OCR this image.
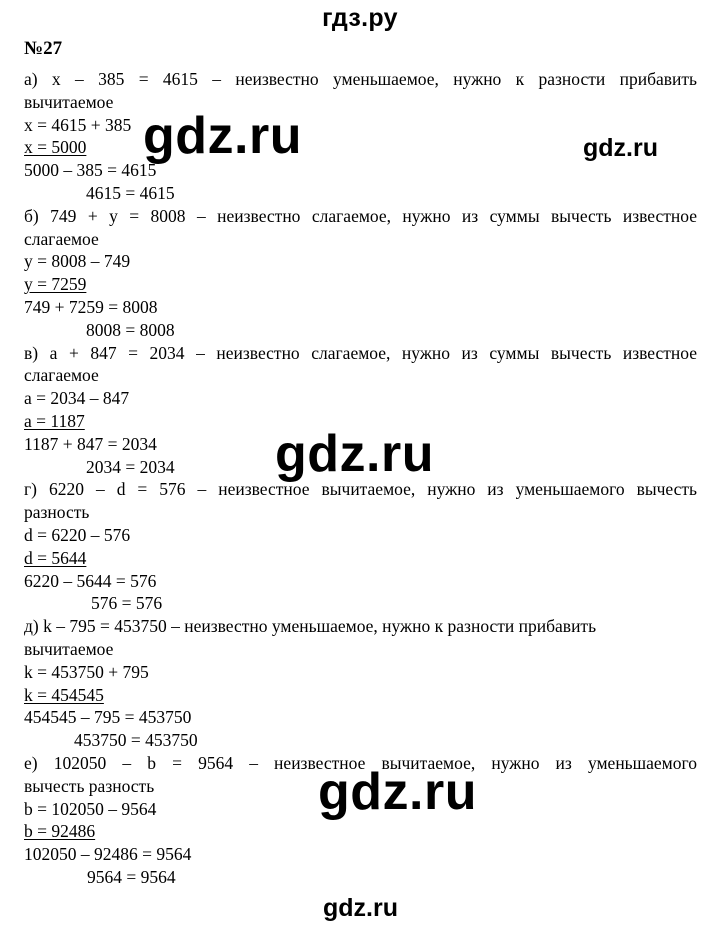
гдз.ру
№27
а) x – 385 = 4615 – неизвестно уменьшаемое, нужно к разности прибавить
вычитаемое
x = 4615 + 385
x = 5000
5000 – 385 = 4615
4615 = 4615
б) 749 + y = 8008 – неизвестно слагаемое, нужно из суммы вычесть известное
слагаемое
y = 8008 – 749
y = 7259
749 + 7259 = 8008
8008 = 8008
в) a + 847 = 2034 – неизвестно слагаемое, нужно из суммы вычесть известное
слагаемое
a = 2034 – 847
a = 1187
1187 + 847 = 2034
2034 = 2034
г) 6220 – d = 576 – неизвестное вычитаемое, нужно из уменьшаемого вычесть
разность
d = 6220 – 576
d = 5644
6220 – 5644 = 576
576 = 576
д) k – 795 = 453750 – неизвестно уменьшаемое, нужно к разности прибавить
вычитаемое
k = 453750 + 795
k = 454545
454545 – 795 = 453750
453750 = 453750
е) 102050 – b = 9564 – неизвестное вычитаемое, нужно из уменьшаемого
вычесть разность
b = 102050 – 9564
b = 92486
102050 – 92486 = 9564
9564 = 9564
gdz.ru	gdz.ru
gdz.ru
gdz.ru
gdz.ru
